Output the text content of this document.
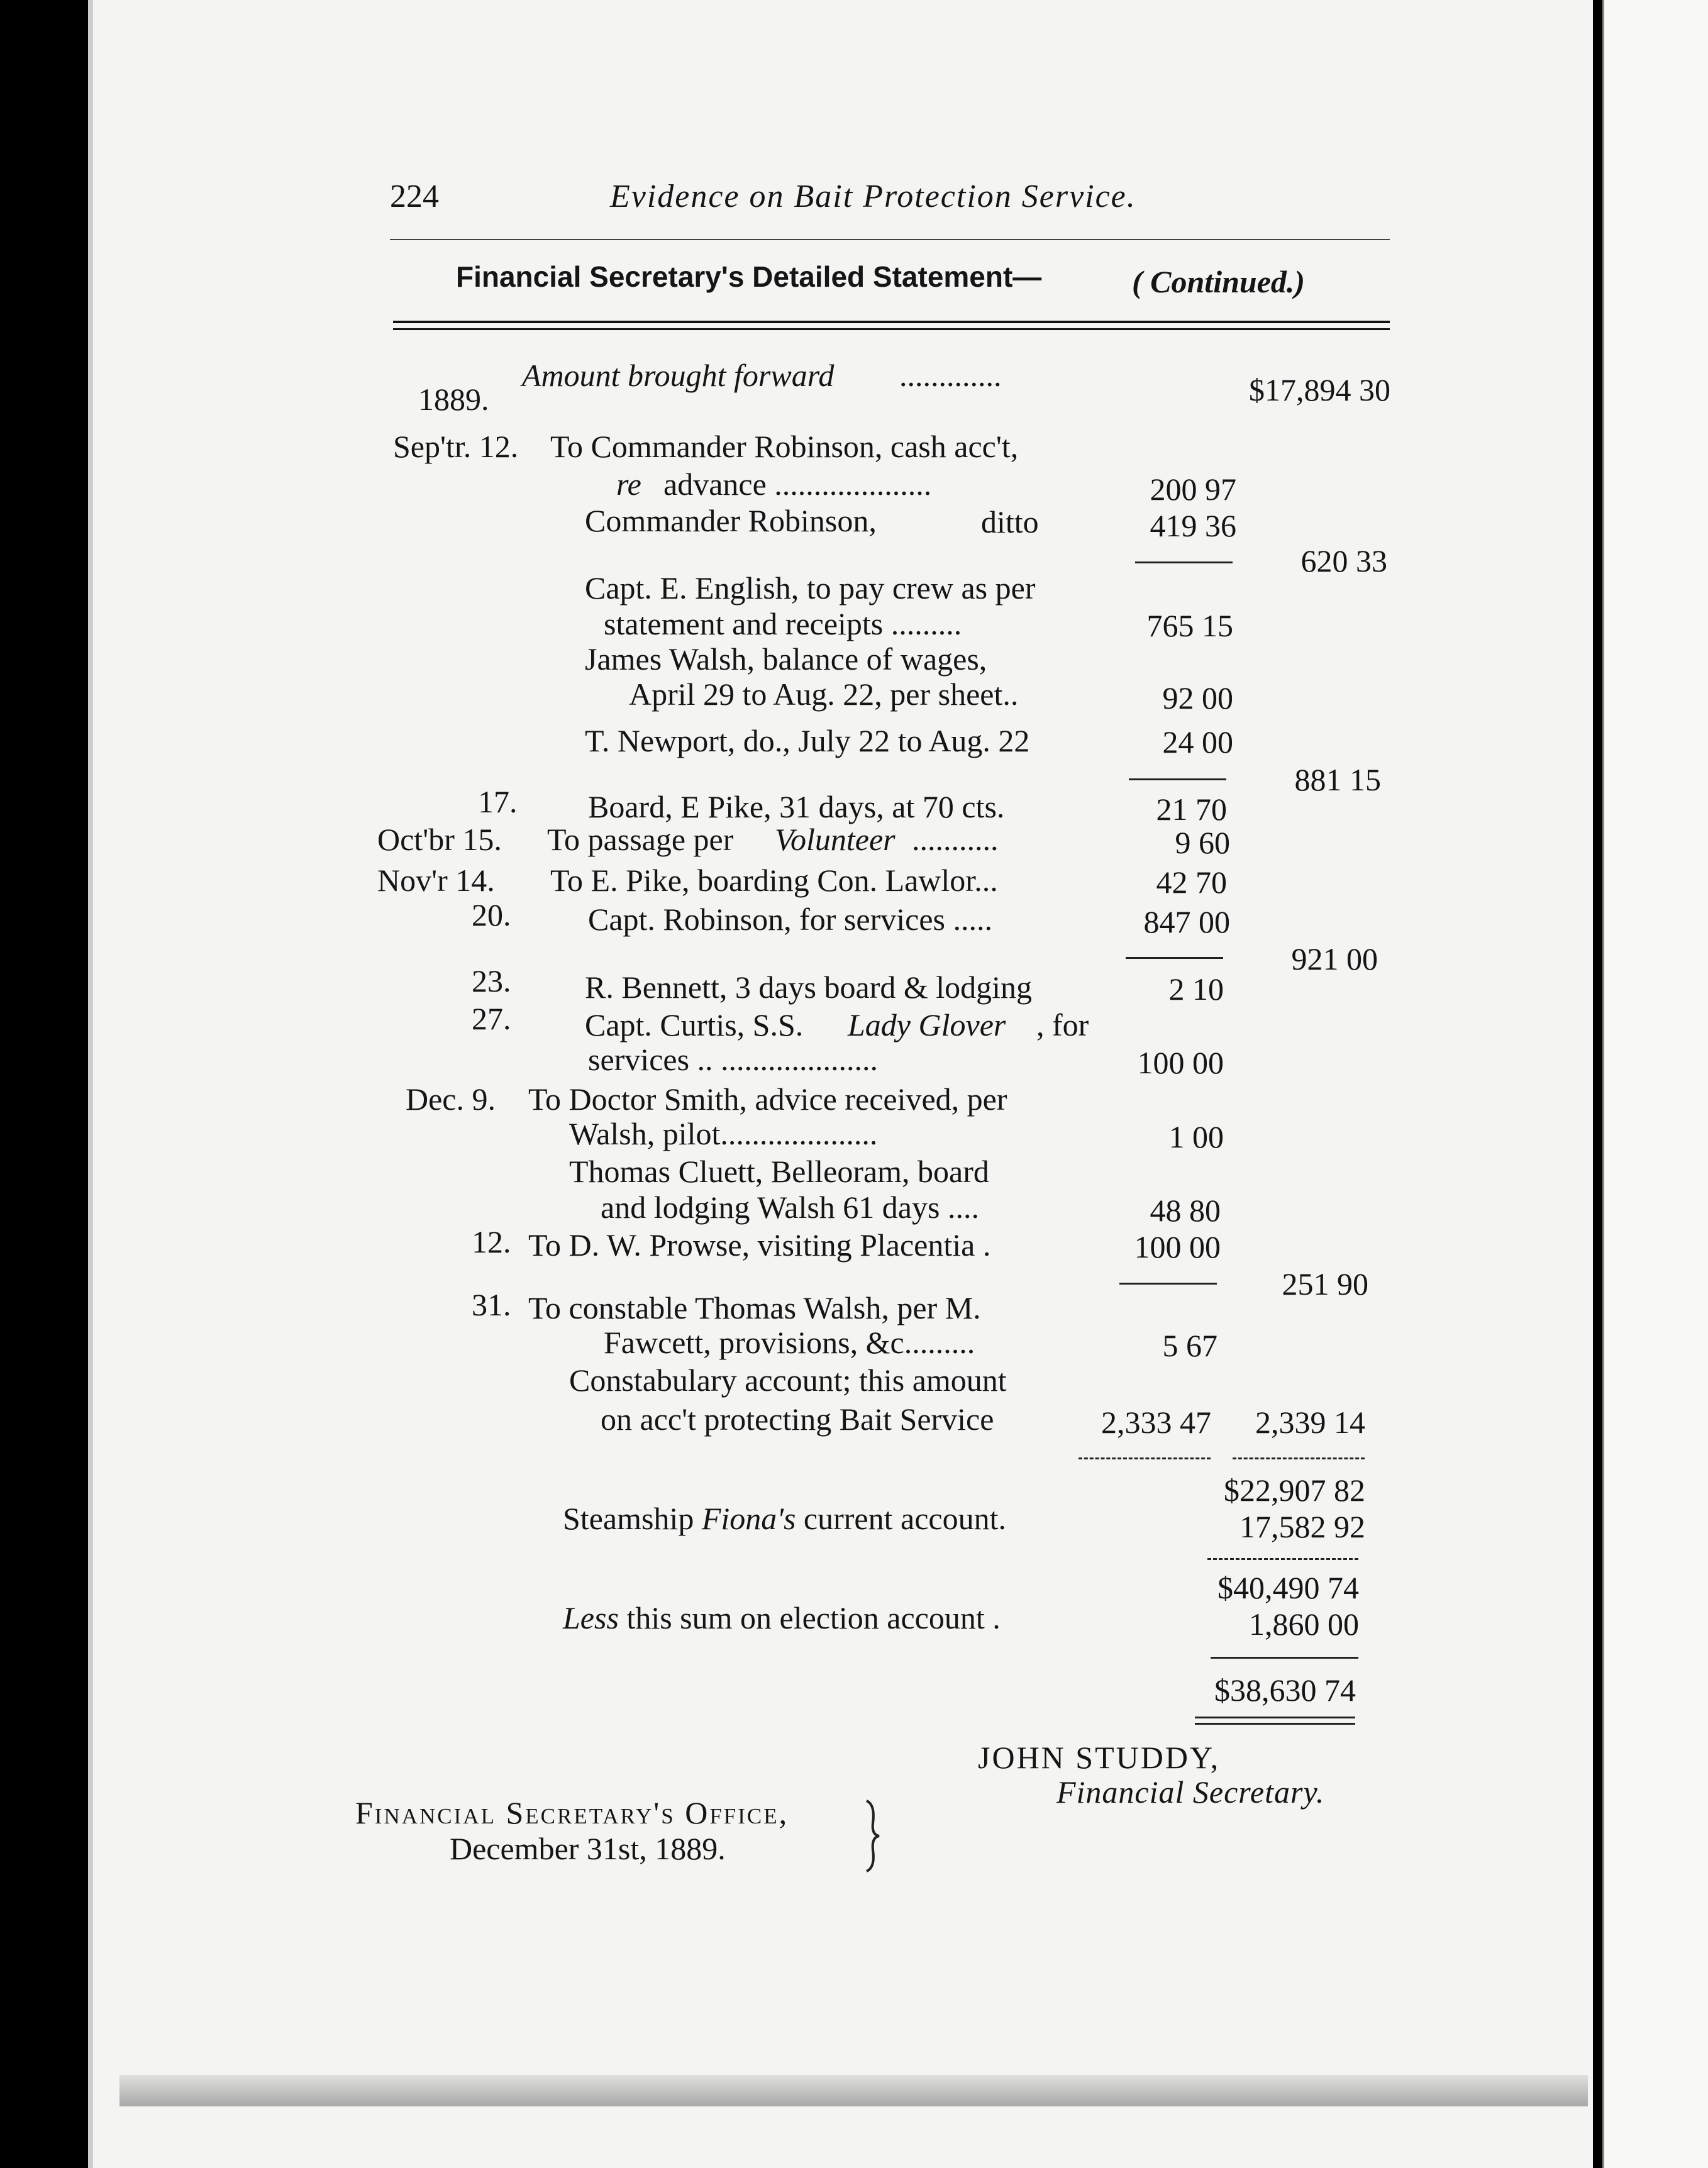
224	Evidence on Bait Protection Service.
Financial Secretary's Detailed Statement—	( Continued.)
Amount brought forward .............	$17,894 30
1889.
Sep'tr. 12. To Commander Robinson, cash acc't,
re advance ....................	200 97
Commander Robinson,	ditto	419 36
620 33
Capt. E. English, to pay crew as per
statement and receipts .........	765 15
James Walsh, balance of wages,
April 29 to Aug. 22, per sheet..	92 00
T. Newport, do., July 22 to Aug. 22	24 00
881 15
17. Board, E Pike, 31 days, at 70 cts.	21 70
Oct'br 15. To passage per Volunteer ...........	9 60
Nov'r 14. To E. Pike, boarding Con. Lawlor...	42 70
20. Capt. Robinson, for services .....	847 00
921 00
23. R. Bennett, 3 days board & lodging	2 10
27. Capt. Curtis, S.S. Lady Glover , for
services .. ....................	100 00
Dec. 9. To Doctor Smith, advice received, per
Walsh, pilot....................	1 00
Thomas Cluett, Belleoram, board
and lodging Walsh 61 days ....	48 80
12. To D. W. Prowse, visiting Placentia .	100 00
251 90
31. To constable Thomas Walsh, per M.
Fawcett, provisions, &c.........	5 67
Constabulary account; this amount
on acc't protecting Bait Service	2,333 47 2,339 14
$22,907 82
Steamship Fiona's current account.	17,582 92
$40,490 74
Less this sum on election account .	1,860 00
$38,630 74
JOHN STUDDY,
Financial Secretary.
Financial Secretary's Office,
December 31st, 1889.
